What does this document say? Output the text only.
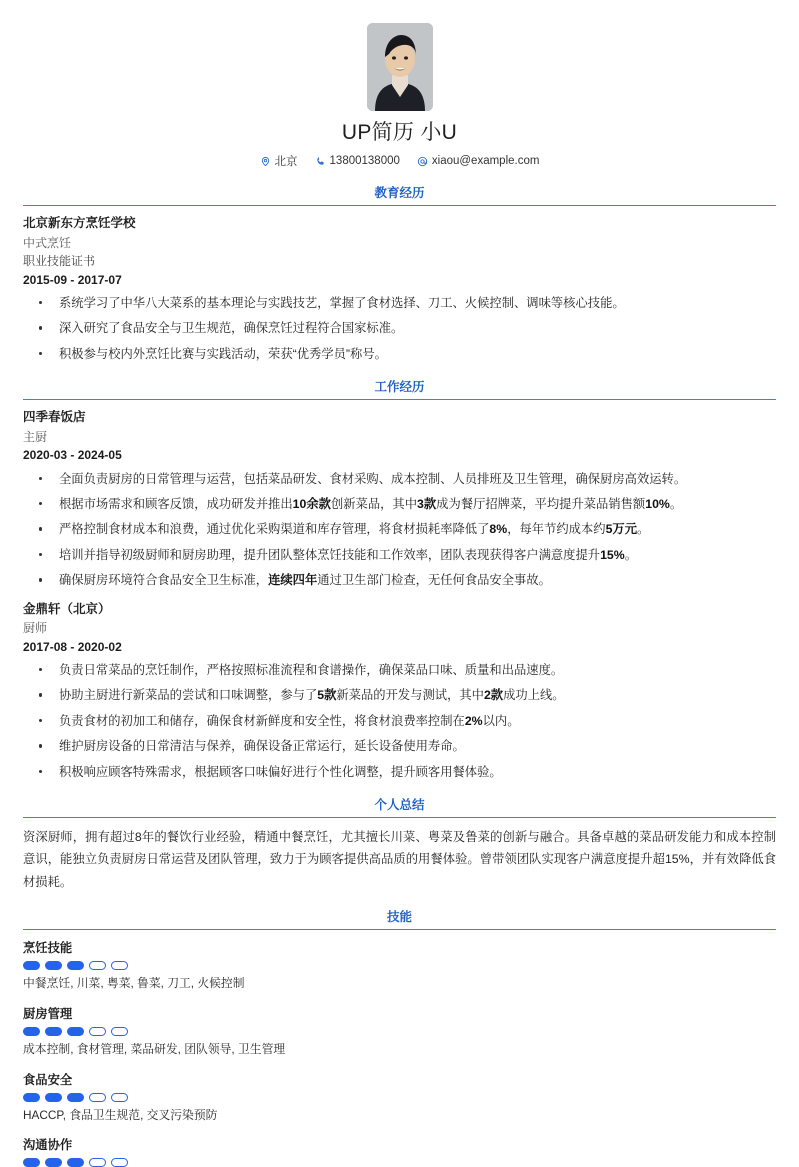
UP简历 小U
北京	13800138000	xiaou@example.com
教育经历
北京新东方烹饪学校
中式烹饪
职业技能证书
2015-09 - 2017-07
系统学习了中华八大菜系的基本理论与实践技艺，掌握了食材选择、刀工、火候控制、调味等核心技能。
深入研究了食品安全与卫生规范，确保烹饪过程符合国家标准。
积极参与校内外烹饪比赛与实践活动，荣获“优秀学员”称号。
工作经历
四季春饭店
主厨
2020-03 - 2024-05
全面负责厨房的日常管理与运营，包括菜品研发、食材采购、成本控制、人员排班及卫生管理，确保厨房高效运转。
根据市场需求和顾客反馈，成功研发并推出10余款创新菜品，其中3款成为餐厅招牌菜，平均提升菜品销售额10%。
严格控制食材成本和浪费，通过优化采购渠道和库存管理，将食材损耗率降低了8%，每年节约成本约5万元。
培训并指导初级厨师和厨房助理，提升团队整体烹饪技能和工作效率，团队表现获得客户满意度提升15%。
确保厨房环境符合食品安全卫生标准，连续四年通过卫生部门检查，无任何食品安全事故。
金鼎轩（北京）
厨师
2017-08 - 2020-02
负责日常菜品的烹饪制作，严格按照标准流程和食谱操作，确保菜品口味、质量和出品速度。
协助主厨进行新菜品的尝试和口味调整，参与了5款新菜品的开发与测试，其中2款成功上线。
负责食材的初加工和储存，确保食材新鲜度和安全性，将食材浪费率控制在2%以内。
维护厨房设备的日常清洁与保养，确保设备正常运行，延长设备使用寿命。
积极响应顾客特殊需求，根据顾客口味偏好进行个性化调整，提升顾客用餐体验。
个人总结
资深厨师，拥有超过8年的餐饮行业经验，精通中餐烹饪，尤其擅长川菜、粤菜及鲁菜的创新与融合。具备卓越的菜品研发能力和成本控制意识，能独立负责厨房日常运营及团队管理，致力于为顾客提供高品质的用餐体验。曾带领团队实现客户满意度提升超15%，并有效降低食材损耗。
技能
烹饪技能
中餐烹饪, 川菜, 粤菜, 鲁菜, 刀工, 火候控制
厨房管理
成本控制, 食材管理, 菜品研发, 团队领导, 卫生管理
食品安全
HACCP, 食品卫生规范, 交叉污染预防
沟通协作
